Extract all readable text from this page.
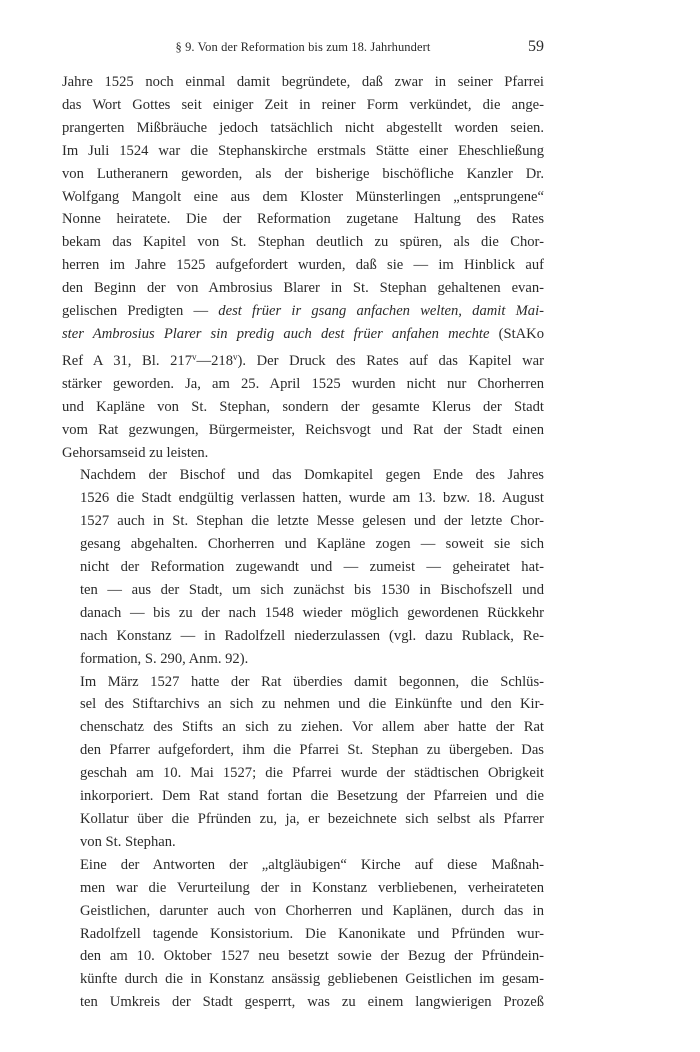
§ 9. Von der Reformation bis zum 18. Jahrhundert	59

Jahre 1525 noch einmal damit begründete, daß zwar in seiner Pfarrei
das Wort Gottes seit einiger Zeit in reiner Form verkündet, die ange-
prangerten Mißbräuche jedoch tatsächlich nicht abgestellt worden seien.
Im Juli 1524 war die Stephanskirche erstmals Stätte einer Eheschließung
von Lutheranern geworden, als der bisherige bischöfliche Kanzler Dr.
Wolfgang Mangolt eine aus dem Kloster Münsterlingen „entsprungene“
Nonne heiratete. Die der Reformation zugetane Haltung des Rates
bekam das Kapitel von St. Stephan deutlich zu spüren, als die Chor-
herren im Jahre 1525 aufgefordert wurden, daß sie — im Hinblick auf
den Beginn der von Ambrosius Blarer in St. Stephan gehaltenen evan-
gelischen Predigten — dest früer ir gsang anfachen welten, damit Mai-
ster Ambrosius Plarer sin predig auch dest früer anfahen mechte (StAKo
Ref A 31, Bl. 217$^v$—218$^v$). Der Druck des Rates auf das Kapitel war
stärker geworden. Ja, am 25. April 1525 wurden nicht nur Chorherren
und Kapläne von St. Stephan, sondern der gesamte Klerus der Stadt
vom Rat gezwungen, Bürgermeister, Reichsvogt und Rat der Stadt einen
Gehorsamseid zu leisten.

Nachdem der Bischof und das Domkapitel gegen Ende des Jahres
1526 die Stadt endgültig verlassen hatten, wurde am 13. bzw. 18. August
1527 auch in St. Stephan die letzte Messe gelesen und der letzte Chor-
gesang abgehalten. Chorherren und Kapläne zogen — soweit sie sich
nicht der Reformation zugewandt und — zumeist — geheiratet hat-
ten — aus der Stadt, um sich zunächst bis 1530 in Bischofszell und
danach — bis zu der nach 1548 wieder möglich gewordenen Rückkehr
nach Konstanz — in Radolfzell niederzulassen (vgl. dazu Rublack, Re-
formation, S. 290, Anm. 92).

Im März 1527 hatte der Rat überdies damit begonnen, die Schlüs-
sel des Stiftarchivs an sich zu nehmen und die Einkünfte und den Kir-
chenschatz des Stifts an sich zu ziehen. Vor allem aber hatte der Rat
den Pfarrer aufgefordert, ihm die Pfarrei St. Stephan zu übergeben. Das
geschah am 10. Mai 1527; die Pfarrei wurde der städtischen Obrigkeit
inkorporiert. Dem Rat stand fortan die Besetzung der Pfarreien und die
Kollatur über die Pfründen zu, ja, er bezeichnete sich selbst als Pfarrer
von St. Stephan.

Eine der Antworten der „altgläubigen“ Kirche auf diese Maßnah-
men war die Verurteilung der in Konstanz verbliebenen, verheirateten
Geistlichen, darunter auch von Chorherren und Kaplänen, durch das in
Radolfzell tagende Konsistorium. Die Kanonikate und Pfründen wur-
den am 10. Oktober 1527 neu besetzt sowie der Bezug der Pfründein-
künfte durch die in Konstanz ansässig gebliebenen Geistlichen im gesam-
ten Umkreis der Stadt gesperrt, was zu einem langwierigen Prozeß
